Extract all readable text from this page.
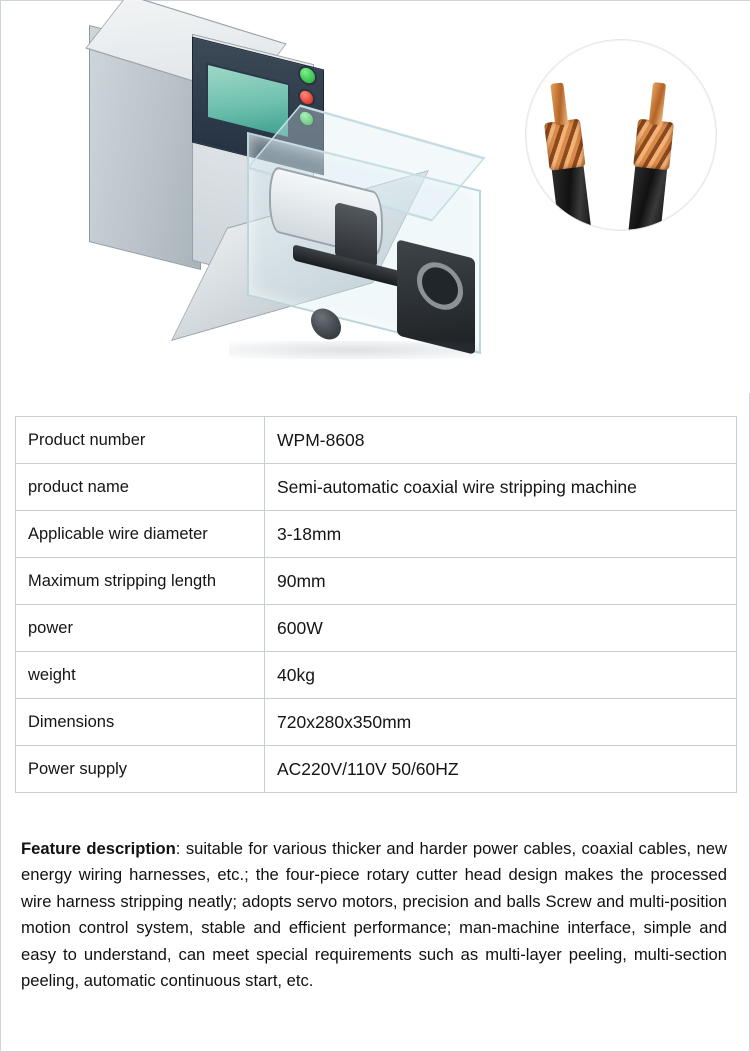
Product number	WPM-8608
product name	Semi-automatic coaxial wire stripping machine
Applicable wire diameter	3-18mm
Maximum stripping length	90mm
power	600W
weight	40kg
Dimensions	720x280x350mm
Power supply	AC220V/110V 50/60HZ

Feature description: suitable for various thicker and harder power cables, coaxial cables, new energy wiring harnesses, etc.; the four-piece rotary cutter head design makes the processed wire harness stripping neatly; adopts servo motors, precision and balls Screw and multi-position motion control system, stable and efficient performance; man-machine interface, simple and easy to understand, can meet special requirements such as multi-layer peeling, multi-section peeling, automatic continuous start, etc.
